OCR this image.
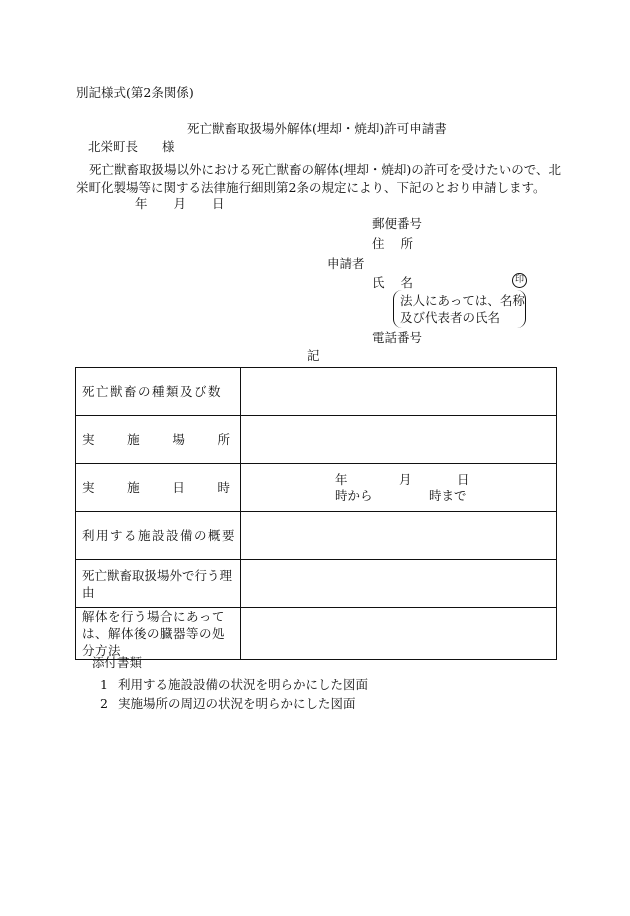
別記様式(第2条関係)
死亡獣畜取扱場外解体(埋却・焼却)許可申請書
北栄町長 様
死亡獣畜取扱場以外における死亡獣畜の解体(埋却・焼却)の許可を受けたいので、北栄町化製場等に関する法律施行細則第2条の規定により、下記のとおり申請します。
年 月 日
郵便番号
住所
申請者
氏名	印
法人にあっては、名称
及び代表者の氏名
電話番号
記
死亡獣畜の種類及び数	

実 施 場 所	

実 施 日 時	年 月 日
時から 時まで

利用する施設設備の概要	

死亡獣畜取扱場外で行う理由	

解体を行う場合にあっては、解体後の臓器等の処分方法	

添付書類
1 利用する施設設備の状況を明らかにした図面
2 実施場所の周辺の状況を明らかにした図面
